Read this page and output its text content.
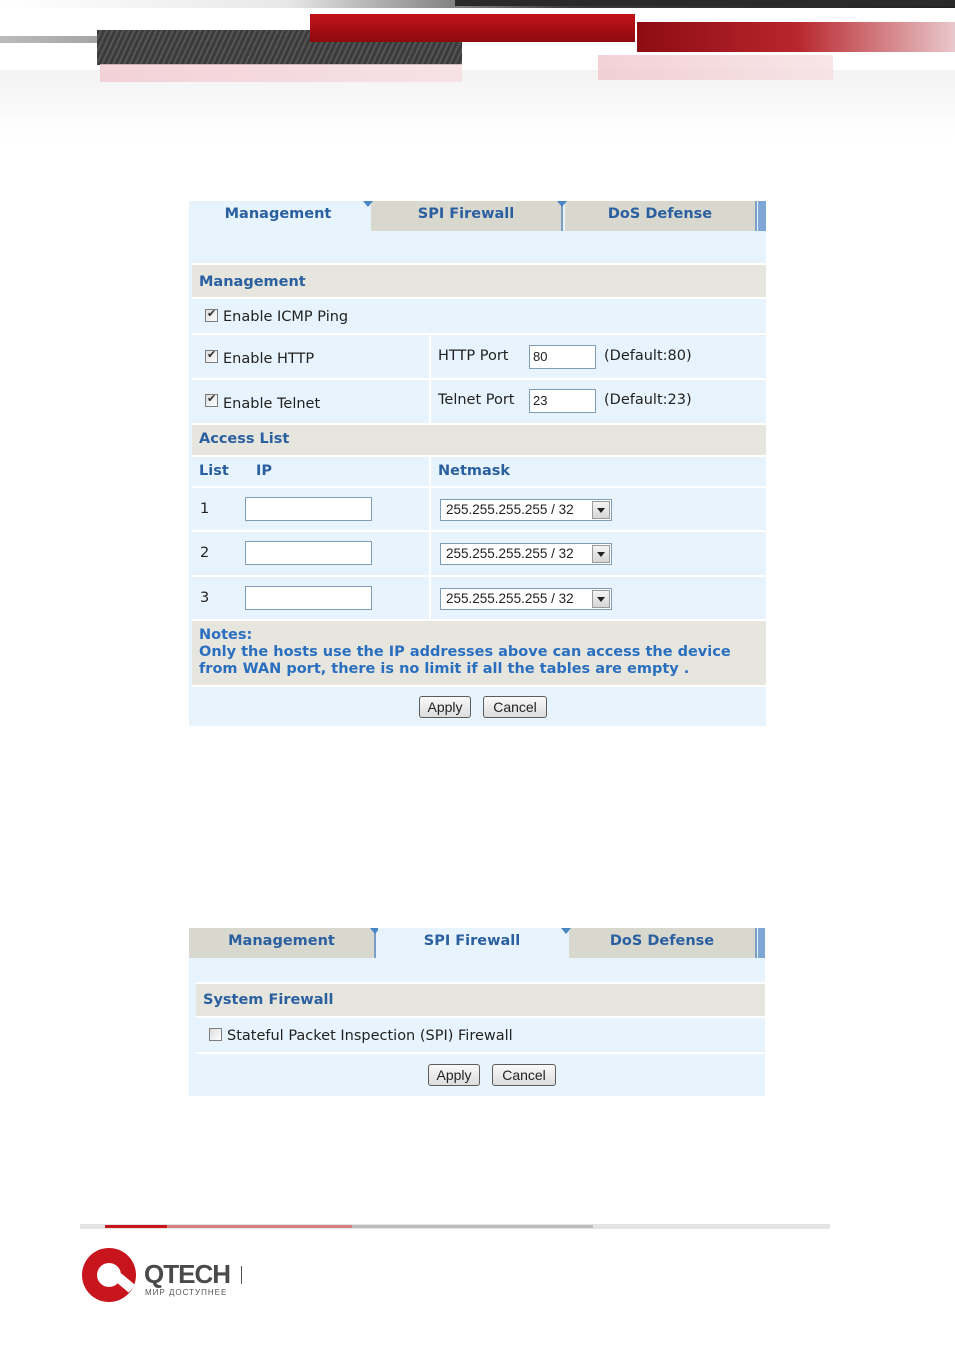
Management	SPI Firewall	DoS Defense
Management
✔
Enable ICMP Ping
✔
Enable HTTP	HTTP Port	80	(Default:80)
✔
Enable Telnet	Telnet Port	23	(Default:23)
Access List
List IP	Netmask
1	255.255.255.255 / 32
2	255.255.255.255 / 32
3	255.255.255.255 / 32
Notes:
Only the hosts use the IP addresses above can access the device from WAN port, there is no limit if all the tables are empty .
Apply	Cancel
Management	SPI Firewall	DoS Defense
System Firewall
Stateful Packet Inspection (SPI) Firewall
Apply	Cancel
QTECH
МИР ДОСТУПНЕЕ
